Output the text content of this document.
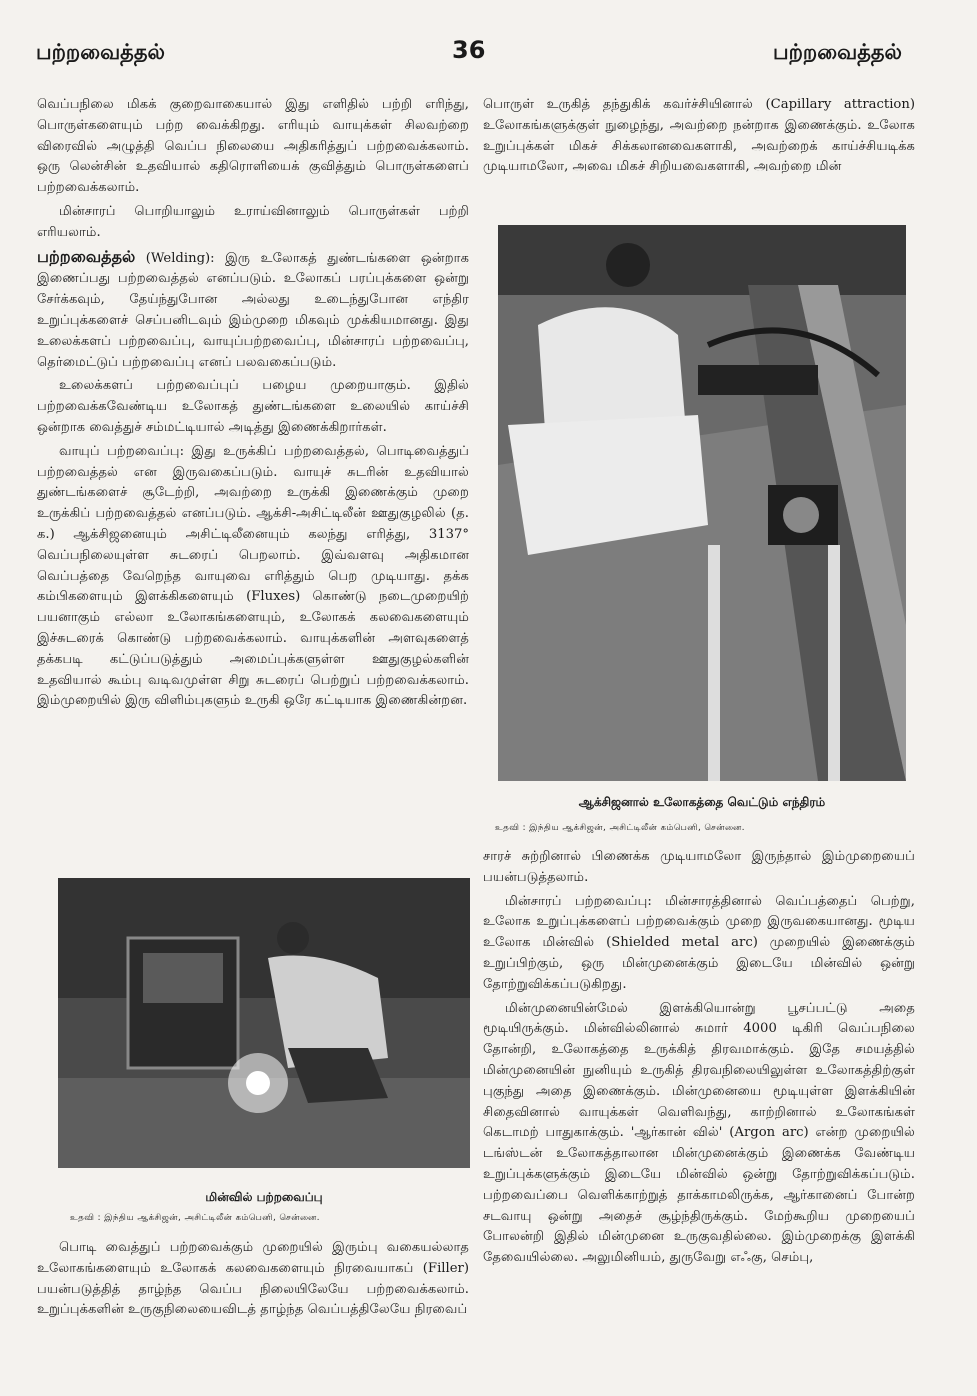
பற்றவைத்தல்	36	பற்றவைத்தல்

வெப்பநிலை மிகக் குறைவாகையால் இது எளிதில் பற்றி எரிந்து, பொருள்களையும் பற்ற வைக்கிறது. எரியும் வாயுக்கள் சிலவற்றை விரைவில் அழுத்தி வெப்ப நிலையை அதிகரித்துப் பற்றவைக்கலாம். ஒரு லென்சின் உதவியால் கதிரொளியைக் குவித்தும் பொருள்களைப் பற்றவைக்கலாம்.

மின்சாரப் பொறியாலும் உராய்வினாலும் பொருள்கள் பற்றி எரியலாம்.

பற்றவைத்தல் (Welding): இரு உலோகத் துண்டங்களை ஒன்றாக இணைப்பது பற்றவைத்தல் எனப்படும். உலோகப் பரப்புக்களை ஒன்று சேர்க்கவும், தேய்ந்துபோன அல்லது உடைந்துபோன எந்திர உறுப்புக்களைச் செப்பனிடவும் இம்முறை மிகவும் முக்கியமானது. இது உலைக்களப் பற்றவைப்பு, வாயுப்பற்றவைப்பு, மின்சாரப் பற்றவைப்பு, தெர்மைட்டுப் பற்றவைப்பு எனப் பலவகைப்படும்.

உலைக்களப் பற்றவைப்புப் பழைய முறையாகும். இதில் பற்றவைக்கவேண்டிய உலோகத் துண்டங்களை உலையில் காய்ச்சி ஒன்றாக வைத்துச் சம்மட்டியால் அடித்து இணைக்கிறார்கள்.

வாயுப் பற்றவைப்பு: இது உருக்கிப் பற்றவைத்தல், பொடிவைத்துப் பற்றவைத்தல் என இருவகைப்படும். வாயுச் சுடரின் உதவியால் துண்டங்களைச் சூடேற்றி, அவற்றை உருக்கி இணைக்கும் முறை உருக்கிப் பற்றவைத்தல் எனப்படும். ஆக்சி-அசிட்டிலீன் ஊதுகுழலில் (த. க.) ஆக்சிஜனையும் அசிட்டிலீனையும் கலந்து எரித்து, 3137° வெப்பநிலையுள்ள சுடரைப் பெறலாம். இவ்வளவு அதிகமான வெப்பத்தை வேறெந்த வாயுவை எரித்தும் பெற முடியாது. தக்க கம்பிகளையும் இளக்கிகளையும் (Fluxes) கொண்டு நடைமுறையிற் பயனாகும் எல்லா உலோகங்களையும், உலோகக் கலவைகளையும் இச்சுடரைக் கொண்டு பற்றவைக்கலாம். வாயுக்களின் அளவுகளைத் தக்கபடி கட்டுப்படுத்தும் அமைப்புக்களுள்ள ஊதுகுழல்களின் உதவியால் கூம்பு வடிவமுள்ள சிறு சுடரைப் பெற்றுப் பற்றவைக்கலாம். இம்முறையில் இரு விளிம்புகளும் உருகி ஒரே கட்டியாக இணைகின்றன.

மின்வில் பற்றவைப்பு
உதவி : இந்திய ஆக்சிஜன், அசிட்டிலீன் கம்பெனி, சென்னை.

பொடி வைத்துப் பற்றவைக்கும் முறையில் இரும்பு வகையல்லாத உலோகங்களையும் உலோகக் கலவைகளையும் நிரவையாகப் (Filler) பயன்படுத்தித் தாழ்ந்த வெப்ப நிலையிலேயே பற்றவைக்கலாம். உறுப்புக்களின் உருகுநிலையைவிடத் தாழ்ந்த வெப்பத்திலேயே நிரவைப்

பொருள் உருகித் தந்துகிக் கவர்ச்சியினால் (Capillary attraction) உலோகங்களுக்குள் நுழைந்து, அவற்றை நன்றாக இணைக்கும். உலோக உறுப்புக்கள் மிகச் சிக்கலானவைகளாகி, அவற்றைக் காய்ச்சியடிக்க முடியாமலோ, அவை மிகச் சிறியவைகளாகி, அவற்றை மின்

ஆக்சிஜனால் உலோகத்தை வெட்டும் எந்திரம்
உதவி : இந்திய ஆக்சிஜன், அசிட்டிலீன் கம்பெனி, சென்னை.

சாரச் சுற்றினால் பிணைக்க முடியாமலோ இருந்தால் இம்முறையைப் பயன்படுத்தலாம்.

மின்சாரப் பற்றவைப்பு: மின்சாரத்தினால் வெப்பத்தைப் பெற்று, உலோக உறுப்புக்களைப் பற்றவைக்கும் முறை இருவகையானது. மூடிய உலோக மின்வில் (Shielded metal arc) முறையில் இணைக்கும் உறுப்பிற்கும், ஒரு மின்முனைக்கும் இடையே மின்வில் ஒன்று தோற்றுவிக்கப்படுகிறது.

மின்முனையின்மேல் இளக்கியொன்று பூசப்பட்டு அதை மூடியிருக்கும். மின்வில்லினால் சுமார் 4000 டிகிரி வெப்பநிலை தோன்றி, உலோகத்தை உருக்கித் திரவமாக்கும். இதே சமயத்தில் மின்முனையின் நுனியும் உருகித் திரவநிலையிலுள்ள உலோகத்திற்குள் புகுந்து அதை இணைக்கும். மின்முனையை மூடியுள்ள இளக்கியின் சிதைவினால் வாயுக்கள் வெளிவந்து, காற்றினால் உலோகங்கள் கெடாமற் பாதுகாக்கும். 'ஆர்கான் வில்' (Argon arc) என்ற முறையில் டங்ஸ்டன் உலோகத்தாலான மின்முனைக்கும் இணைக்க வேண்டிய உறுப்புக்களுக்கும் இடையே மின்வில் ஒன்று தோற்றுவிக்கப்படும். பற்றவைப்பை வெளிக்காற்றுத் தாக்காமலிருக்க, ஆர்கானைப் போன்ற சடவாயு ஒன்று அதைச் சூழ்ந்திருக்கும். மேற்கூறிய முறையைப் போலன்றி இதில் மின்முனை உருகுவதில்லை. இம்முறைக்கு இளக்கி தேவையில்லை. அலுமினியம், துருவேறு எஃகு, செம்பு,
